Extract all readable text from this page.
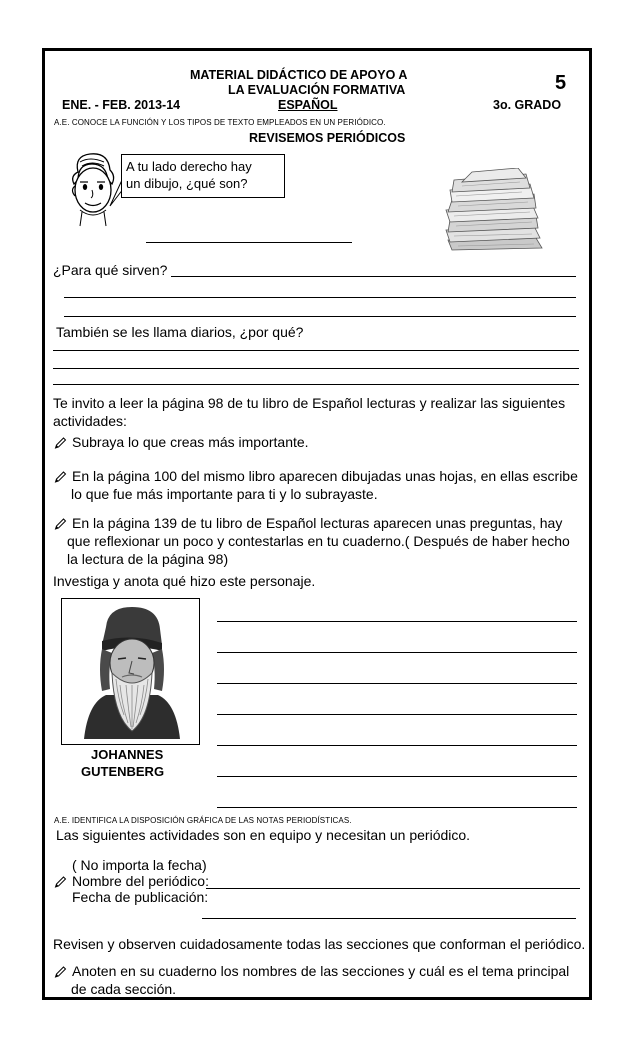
MATERIAL DIDÁCTICO DE APOYO A
LA EVALUACIÓN FORMATIVA	5
ENE. - FEB. 2013-14	ESPAÑOL	3o. GRADO
A.E. CONOCE LA FUNCIÓN Y LOS TIPOS DE TEXTO EMPLEADOS EN UN PERIÓDICO.
REVISEMOS PERIÓDICOS
A tu lado derecho hay
un dibujo, ¿qué son?
¿Para qué sirven?
También se les llama diarios, ¿por qué?
Te invito a leer la página 98 de tu libro de Español lecturas y realizar las siguientes actividades:
Subraya lo que creas más importante.
En la página 100 del mismo libro aparecen dibujadas unas hojas, en ellas escribe lo que fue más importante para ti y lo subrayaste.
En la página 139 de tu libro de Español lecturas aparecen unas preguntas, hay que reflexionar un poco y contestarlas en tu cuaderno.( Después de haber hecho la lectura de la página 98)
Investiga y anota qué hizo este personaje.
JOHANNES
GUTENBERG
A.E. IDENTIFICA LA DISPOSICIÓN GRÁFICA DE LAS NOTAS PERIODÍSTICAS.
Las siguientes actividades son en equipo y necesitan un periódico.
( No importa la fecha)
Nombre del periódico:
Fecha de publicación:
Revisen y observen cuidadosamente todas las secciones que conforman el periódico.
Anoten en su cuaderno los nombres de las secciones y cuál es el tema principal de cada sección.
